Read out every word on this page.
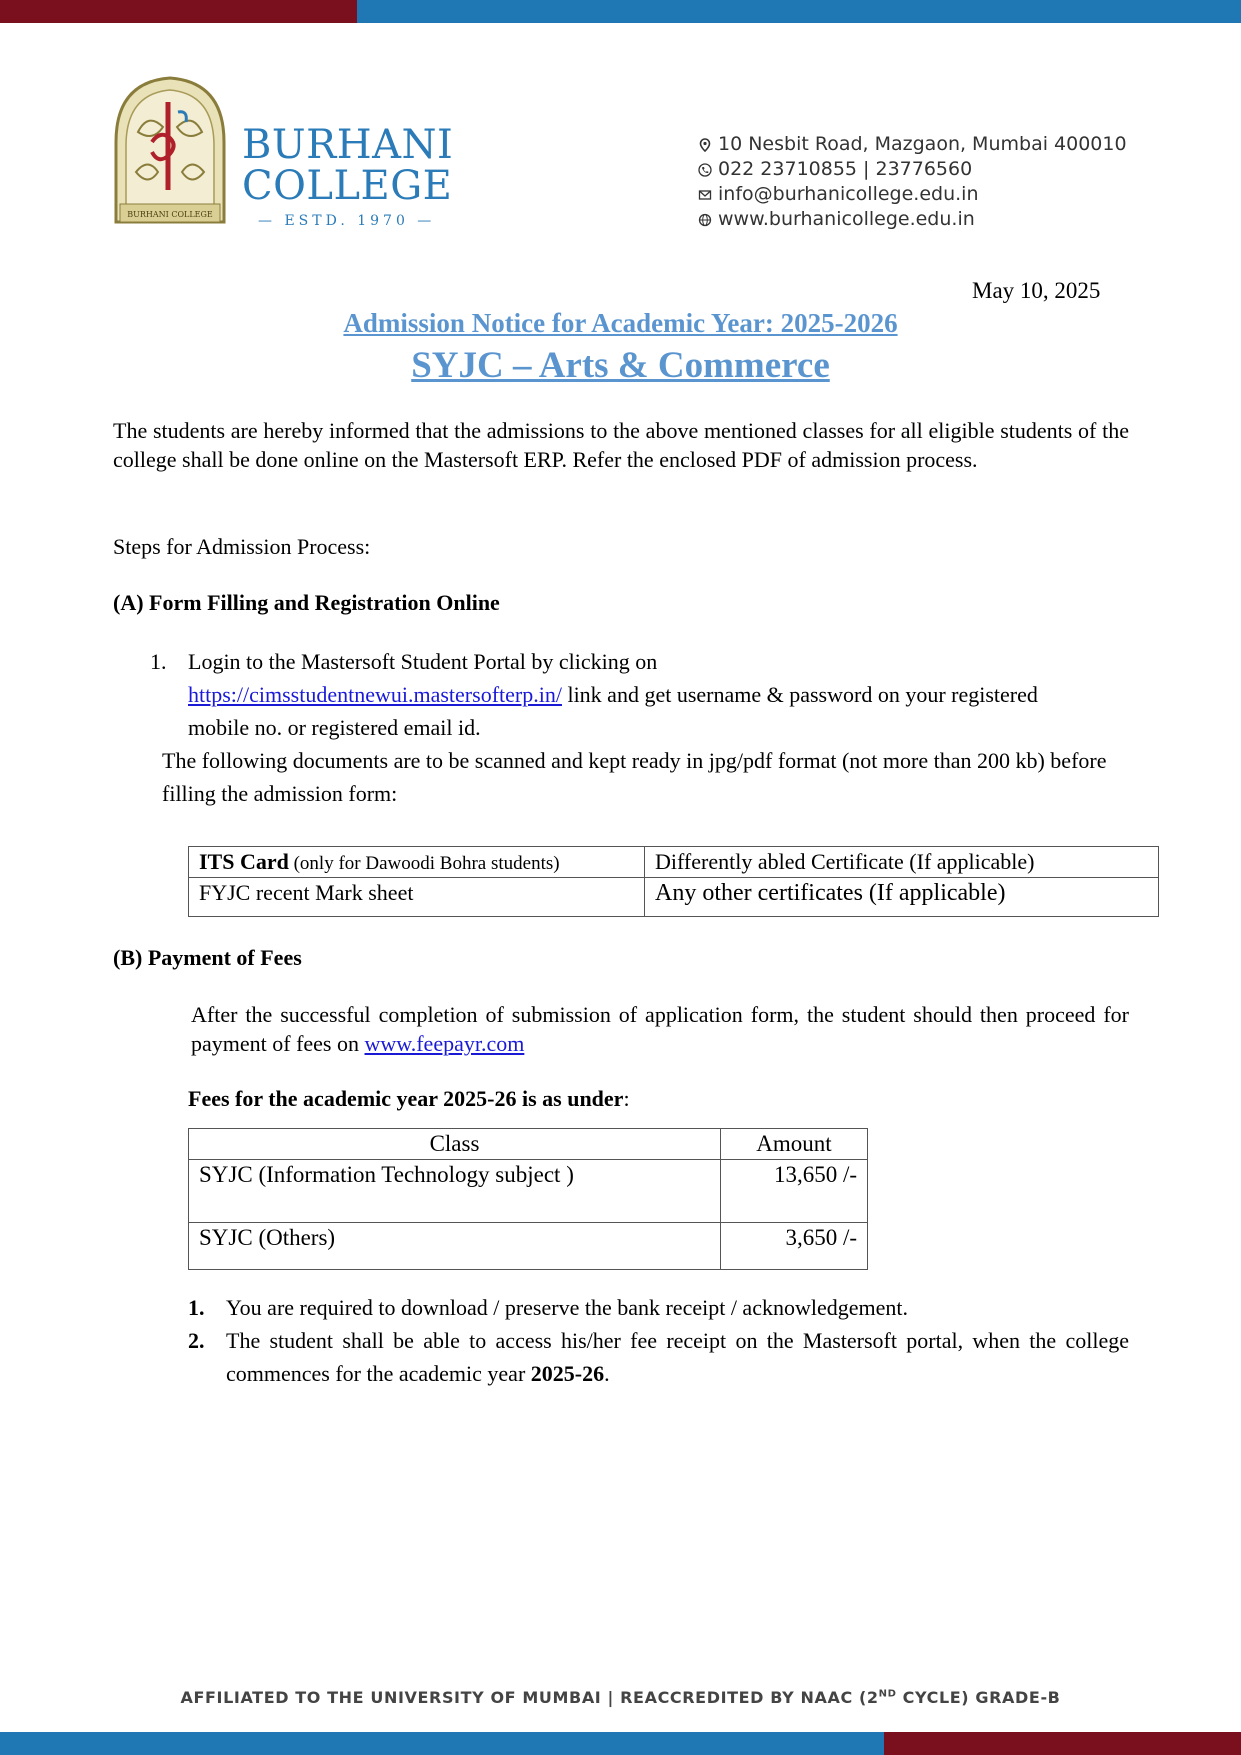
BURHANI COLLEGE
BURHANI
COLLEGE
— ESTD. 1970 —
10 Nesbit Road, Mazgaon, Mumbai 400010
022 23710855 | 23776560
info@burhanicollege.edu.in
www.burhanicollege.edu.in
May 10, 2025
Admission Notice for Academic Year: 2025-2026
SYJC – Arts & Commerce
The students are hereby informed that the admissions to the above mentioned classes for all eligible students of the college shall be done online on the Mastersoft ERP. Refer the enclosed PDF of admission process.
Steps for Admission Process:
(A) Form Filling and Registration Online
1. Login to the Mastersoft Student Portal by clicking on
https://cimsstudentnewui.mastersofterp.in/ link and get username & password on your registered mobile no. or registered email id.
The following documents are to be scanned and kept ready in jpg/pdf format (not more than 200 kb) before filling the admission form:
ITS Card (only for Dawoodi Bohra students)	Differently abled Certificate (If applicable)
FYJC recent Mark sheet	Any other certificates (If applicable)
(B) Payment of Fees
After the successful completion of submission of application form, the student should then proceed for payment of fees on www.feepayr.com
Fees for the academic year 2025-26 is as under:
Class	Amount
SYJC (Information Technology subject )	13,650 /-
SYJC (Others)	3,650 /-
1. You are required to download / preserve the bank receipt / acknowledgement.
2. The student shall be able to access his/her fee receipt on the Mastersoft portal, when the college commences for the academic year 2025-26.
AFFILIATED TO THE UNIVERSITY OF MUMBAI | REACCREDITED BY NAAC (2ND CYCLE) GRADE-B
